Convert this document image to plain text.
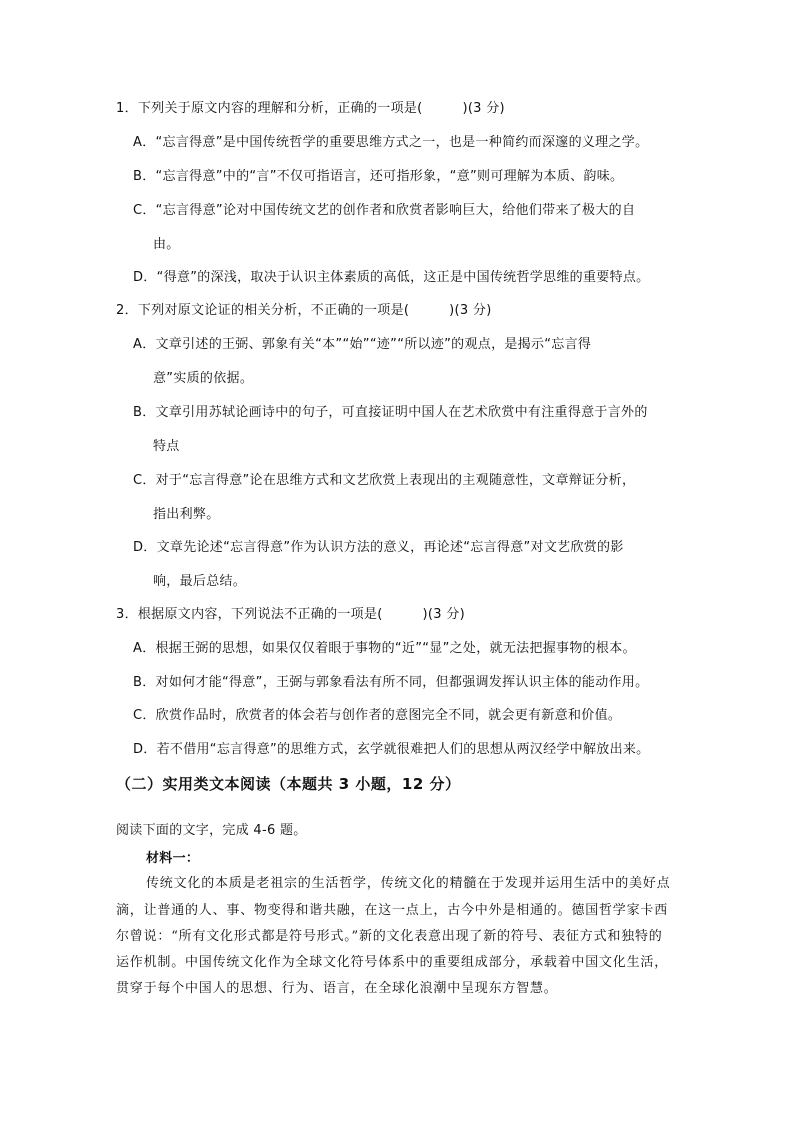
1．下列关于原文内容的理解和分析，正确的一项是(　　　)(3 分)
A．“忘言得意”是中国传统哲学的重要思维方式之一，也是一种简约而深邃的义理之学。
B．“忘言得意”中的“言”不仅可指语言，还可指形象，“意”则可理解为本质、韵味。
C．“忘言得意”论对中国传统文艺的创作者和欣赏者影响巨大，给他们带来了极大的自
由。
D．“得意”的深浅，取决于认识主体素质的高低，这正是中国传统哲学思维的重要特点。
2．下列对原文论证的相关分析，不正确的一项是(　　　)(3 分)
A．文章引述的王弼、郭象有关“本”“始”“迹”“所以迹”的观点，是揭示“忘言得
意”实质的依据。
B．文章引用苏轼论画诗中的句子，可直接证明中国人在艺术欣赏中有注重得意于言外的
特点
C．对于“忘言得意”论在思维方式和文艺欣赏上表现出的主观随意性，文章辩证分析，
指出利弊。
D．文章先论述“忘言得意”作为认识方法的意义，再论述“忘言得意”对文艺欣赏的影
响，最后总结。
3．根据原文内容，下列说法不正确的一项是(　　　)(3 分)
A．根据王弼的思想，如果仅仅着眼于事物的“近”“显”之处，就无法把握事物的根本。
B．对如何才能“得意”，王弼与郭象看法有所不同，但都强调发挥认识主体的能动作用。
C．欣赏作品时，欣赏者的体会若与创作者的意图完全不同，就会更有新意和价值。
D．若不借用“忘言得意”的思维方式，玄学就很难把人们的思想从两汉经学中解放出来。
（二）实用类文本阅读（本题共 3 小题，12 分）
阅读下面的文字，完成 4-6 题。
材料一：
传统文化的本质是老祖宗的生活哲学，传统文化的精髓在于发现并运用生活中的美好点
滴，让普通的人、事、物变得和谐共融，在这一点上，古今中外是相通的。德国哲学家卡西
尔曾说：“所有文化形式都是符号形式。”新的文化表意出现了新的符号、表征方式和独特的
运作机制。中国传统文化作为全球文化符号体系中的重要组成部分，承载着中国文化生活，
贯穿于每个中国人的思想、行为、语言，在全球化浪潮中呈现东方智慧。
